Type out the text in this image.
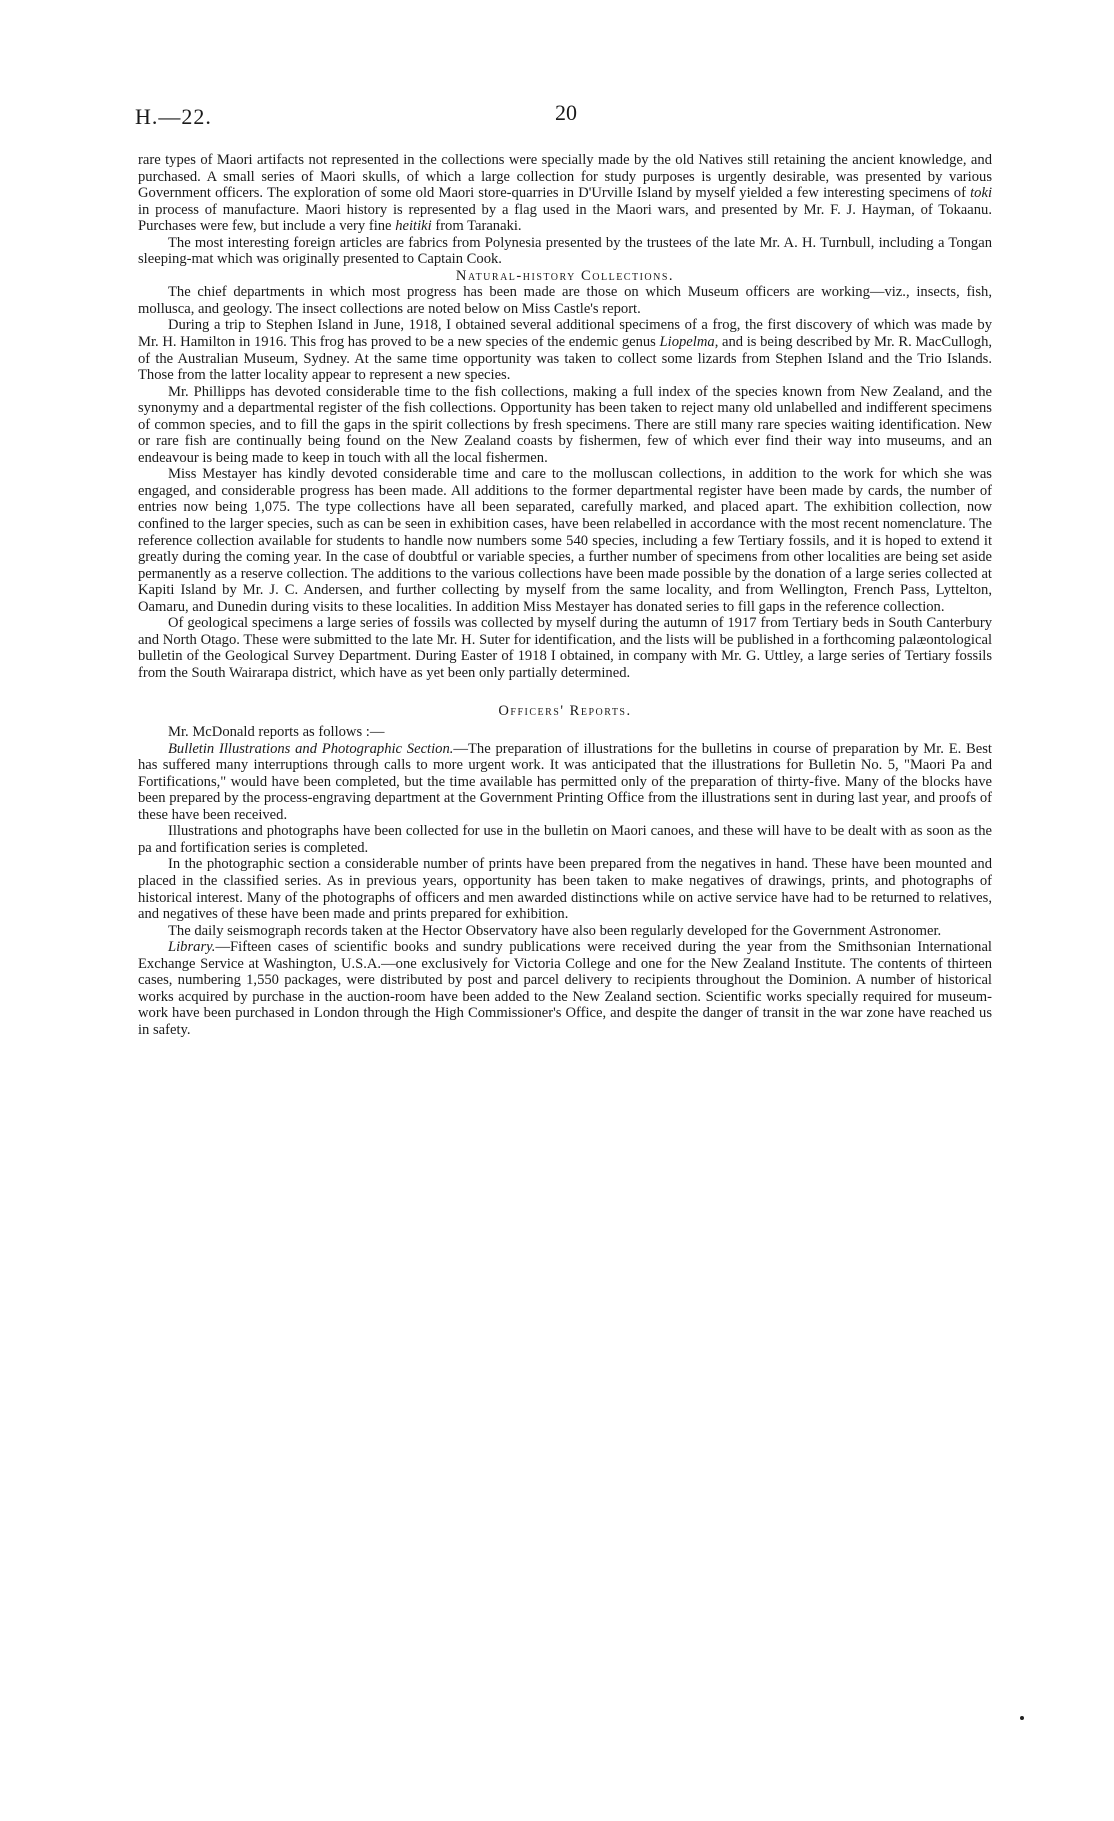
H.—22.	20

rare types of Maori artifacts not represented in the collections were specially made by the old Natives still retaining the ancient knowledge, and purchased. A small series of Maori skulls, of which a large collection for study purposes is urgently desirable, was presented by various Government officers. The exploration of some old Maori store-quarries in D'Urville Island by myself yielded a few interesting specimens of toki in process of manufacture. Maori history is represented by a flag used in the Maori wars, and presented by Mr. F. J. Hayman, of Tokaanu. Purchases were few, but include a very fine heitiki from Taranaki.

The most interesting foreign articles are fabrics from Polynesia presented by the trustees of the late Mr. A. H. Turnbull, including a Tongan sleeping-mat which was originally presented to Captain Cook.

Natural-history Collections.

The chief departments in which most progress has been made are those on which Museum officers are working—viz., insects, fish, mollusca, and geology. The insect collections are noted below on Miss Castle's report.

During a trip to Stephen Island in June, 1918, I obtained several additional specimens of a frog, the first discovery of which was made by Mr. H. Hamilton in 1916. This frog has proved to be a new species of the endemic genus Liopelma, and is being described by Mr. R. MacCullogh, of the Australian Museum, Sydney. At the same time opportunity was taken to collect some lizards from Stephen Island and the Trio Islands. Those from the latter locality appear to represent a new species.

Mr. Phillipps has devoted considerable time to the fish collections, making a full index of the species known from New Zealand, and the synonymy and a departmental register of the fish collections. Opportunity has been taken to reject many old unlabelled and indifferent specimens of common species, and to fill the gaps in the spirit collections by fresh specimens. There are still many rare species waiting identification. New or rare fish are continually being found on the New Zealand coasts by fishermen, few of which ever find their way into museums, and an endeavour is being made to keep in touch with all the local fishermen.

Miss Mestayer has kindly devoted considerable time and care to the molluscan collections, in addition to the work for which she was engaged, and considerable progress has been made. All additions to the former departmental register have been made by cards, the number of entries now being 1,075. The type collections have all been separated, carefully marked, and placed apart. The exhibition collection, now confined to the larger species, such as can be seen in exhibition cases, have been relabelled in accordance with the most recent nomenclature. The reference collection available for students to handle now numbers some 540 species, including a few Tertiary fossils, and it is hoped to extend it greatly during the coming year. In the case of doubtful or variable species, a further number of specimens from other localities are being set aside permanently as a reserve collection. The additions to the various collections have been made possible by the donation of a large series collected at Kapiti Island by Mr. J. C. Andersen, and further collecting by myself from the same locality, and from Wellington, French Pass, Lyttelton, Oamaru, and Dunedin during visits to these localities. In addition Miss Mestayer has donated series to fill gaps in the reference collection.

Of geological specimens a large series of fossils was collected by myself during the autumn of 1917 from Tertiary beds in South Canterbury and North Otago. These were submitted to the late Mr. H. Suter for identification, and the lists will be published in a forthcoming palæontological bulletin of the Geological Survey Department. During Easter of 1918 I obtained, in company with Mr. G. Uttley, a large series of Tertiary fossils from the South Wairarapa district, which have as yet been only partially determined.

Officers' Reports.

Mr. McDonald reports as follows :—

Bulletin Illustrations and Photographic Section.—The preparation of illustrations for the bulletins in course of preparation by Mr. E. Best has suffered many interruptions through calls to more urgent work. It was anticipated that the illustrations for Bulletin No. 5, "Maori Pa and Fortifications," would have been completed, but the time available has permitted only of the preparation of thirty-five. Many of the blocks have been prepared by the process-engraving department at the Government Printing Office from the illustrations sent in during last year, and proofs of these have been received.

Illustrations and photographs have been collected for use in the bulletin on Maori canoes, and these will have to be dealt with as soon as the pa and fortification series is completed.

In the photographic section a considerable number of prints have been prepared from the negatives in hand. These have been mounted and placed in the classified series. As in previous years, opportunity has been taken to make negatives of drawings, prints, and photographs of historical interest. Many of the photographs of officers and men awarded distinctions while on active service have had to be returned to relatives, and negatives of these have been made and prints prepared for exhibition.

The daily seismograph records taken at the Hector Observatory have also been regularly developed for the Government Astronomer.

Library.—Fifteen cases of scientific books and sundry publications were received during the year from the Smithsonian International Exchange Service at Washington, U.S.A.—one exclusively for Victoria College and one for the New Zealand Institute. The contents of thirteen cases, numbering 1,550 packages, were distributed by post and parcel delivery to recipients throughout the Dominion. A number of historical works acquired by purchase in the auction-room have been added to the New Zealand section. Scientific works specially required for museum-work have been purchased in London through the High Commissioner's Office, and despite the danger of transit in the war zone have reached us in safety.
